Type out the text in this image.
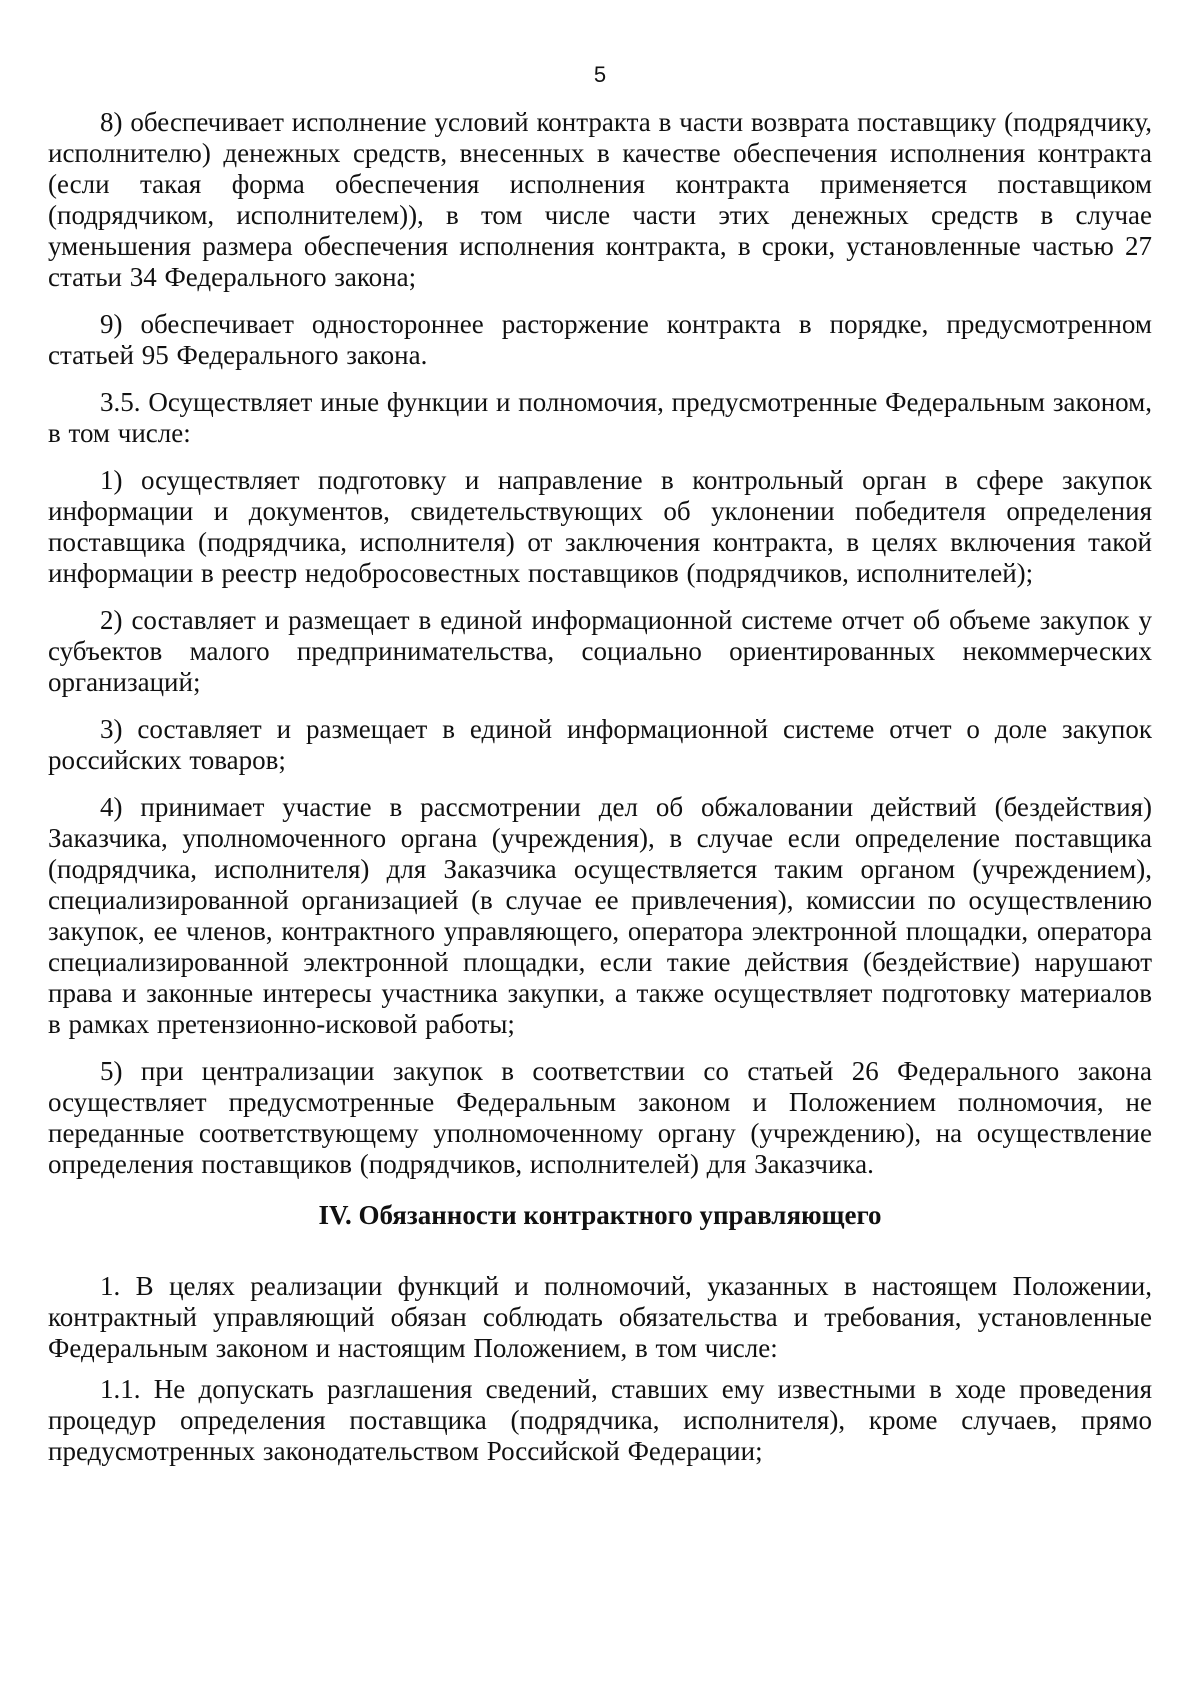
5

8) обеспечивает исполнение условий контракта в части возврата поставщику (подрядчику, исполнителю) денежных средств, внесенных в качестве обеспечения исполнения контракта (если такая форма обеспечения исполнения контракта применяется поставщиком (подрядчиком, исполнителем)), в том числе части этих денежных средств в случае уменьшения размера обеспечения исполнения контракта, в сроки, установленные частью 27 статьи 34 Федерального закона;

9) обеспечивает одностороннее расторжение контракта в порядке, предусмотренном статьей 95 Федерального закона.

3.5. Осуществляет иные функции и полномочия, предусмотренные Федеральным законом, в том числе:

1) осуществляет подготовку и направление в контрольный орган в сфере закупок информации и документов, свидетельствующих об уклонении победителя определения поставщика (подрядчика, исполнителя) от заключения контракта, в целях включения такой информации в реестр недобросовестных поставщиков (подрядчиков, исполнителей);

2) составляет и размещает в единой информационной системе отчет об объеме закупок у субъектов малого предпринимательства, социально ориентированных некоммерческих организаций;

3) составляет и размещает в единой информационной системе отчет о доле закупок российских товаров;

4) принимает участие в рассмотрении дел об обжаловании действий (бездействия) Заказчика, уполномоченного органа (учреждения), в случае если определение поставщика (подрядчика, исполнителя) для Заказчика осуществляется таким органом (учреждением), специализированной организацией (в случае ее привлечения), комиссии по осуществлению закупок, ее членов, контрактного управляющего, оператора электронной площадки, оператора специализированной электронной площадки, если такие действия (бездействие) нарушают права и законные интересы участника закупки, а также осуществляет подготовку материалов в рамках претензионно-исковой работы;

5) при централизации закупок в соответствии со статьей 26 Федерального закона осуществляет предусмотренные Федеральным законом и Положением полномочия, не переданные соответствующему уполномоченному органу (учреждению), на осуществление определения поставщиков (подрядчиков, исполнителей) для Заказчика.

IV. Обязанности контрактного управляющего

1. В целях реализации функций и полномочий, указанных в настоящем Положении, контрактный управляющий обязан соблюдать обязательства и требования, установленные Федеральным законом и настоящим Положением, в том числе:

1.1. Не допускать разглашения сведений, ставших ему известными в ходе проведения процедур определения поставщика (подрядчика, исполнителя), кроме случаев, прямо предусмотренных законодательством Российской Федерации;
